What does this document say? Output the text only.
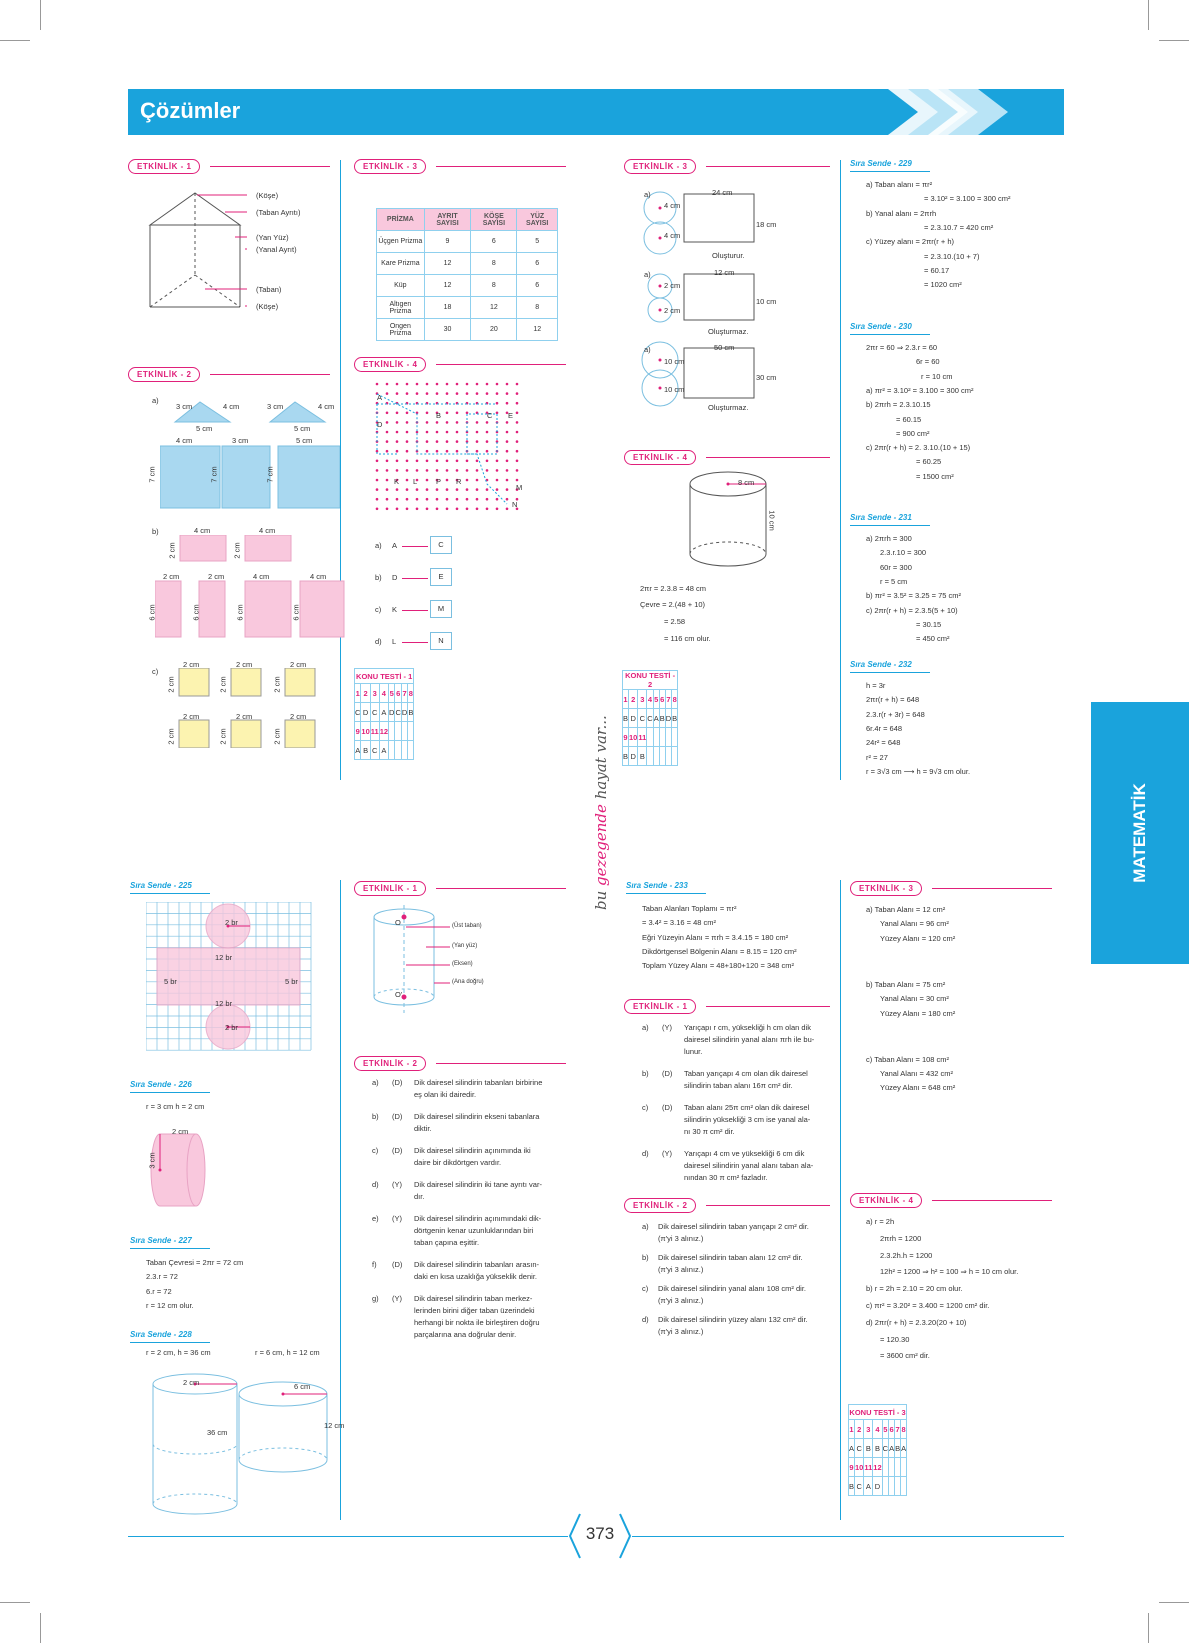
Çözümler
MATEMATİK
bu gezegende hayat var...
ETKİNLİK - 1
(Köşe)
(Taban Ayrıtı)
(Yan Yüz)
(Yanal Ayrıt)
(Taban)
(Köşe)
ETKİNLİK - 2
a)
3 cm	4 cm
5 cm
3 cm	4 cm
5 cm
4 cm	3 cm	5 cm
7 cm	7 cm	7 cm
b)	4 cm	4 cm
2 cm	2 cm
2 cm	2 cm	4 cm	4 cm
6 cm	6 cm	6 cm	6 cm
c)
2 cm	2 cm	2 cm
2 cm	2 cm	2 cm
2 cm	2 cm	2 cm
2 cm	2 cm	2 cm
ETKİNLİK - 3
PRİZMA	AYRIT SAYISI	KÖŞE SAYISI	YÜZ SAYISI
Üçgen Prizma	9	6	5
Kare Prizma	12	8	6
Küp	12	8	6
Altıgen Prizma	18	12	8
Ongen Prizma	30	20	12
ETKİNLİK - 4
A
B	C E
D
K L	P R
M
N
a) A	C
b) D	E
c) K	M
d) L	N
KONU TESTİ - 1							
1	2	3	4	5	6	7	8
C	D	C	A	D	C	D	B
9	10	11	12				
A	B	C	A				
ETKİNLİK - 3
a)
4 cm
4 cm
24 cm
18 cm
Oluşturur.
a)
2 cm
2 cm
12 cm
10 cm
Oluşturmaz.
a)
10 cm
10 cm
50 cm
30 cm
Oluşturmaz.
ETKİNLİK - 4
8 cm
10 cm
2πr = 2.3.8 = 48 cm
Çevre = 2.(48 + 10)
= 2.58
= 116 cm olur.
KONU TESTİ - 2							
1	2	3	4	5	6	7	8
B	D	C	C	A	B	D	B
9	10	11					
B	D	B					
Sıra Sende - 229
a) Taban alanı = πr²
= 3.10² = 3.100 = 300 cm²
b) Yanal alanı = 2πrh
= 2.3.10.7 = 420 cm²
c) Yüzey alanı = 2πr(r + h)
= 2.3.10.(10 + 7)
= 60.17
= 1020 cm²
Sıra Sende - 230
2πr = 60 ⇒ 2.3.r = 60
6r = 60
r = 10 cm
a) πr² = 3.10² = 3.100 = 300 cm²
b) 2πrh = 2.3.10.15
= 60.15
= 900 cm²
c) 2πr(r + h) = 2. 3.10.(10 + 15)
= 60.25
= 1500 cm²
Sıra Sende - 231
a) 2πrh = 300
2.3.r.10 = 300
60r = 300
r = 5 cm
b) πr² = 3.5² = 3.25 = 75 cm²
c) 2πr(r + h) = 2.3.5(5 + 10)
= 30.15
= 450 cm²
Sıra Sende - 232
h = 3r
2πr(r + h) = 648
2.3.r(r + 3r) = 648
6r.4r = 648
24r² = 648
r² = 27
r = 3√3 cm ⟶ h = 9√3 cm olur.
Sıra Sende - 225
2 br
12 br
5 br	5 br
12 br
2 br
Sıra Sende - 226
r = 3 cm h = 2 cm
2 cm
3 cm
Sıra Sende - 227
Taban Çevresi = 2πr = 72 cm
2.3.r = 72
6.r = 72
r = 12 cm olur.
Sıra Sende - 228
r = 2 cm, h = 36 cm	r = 6 cm, h = 12 cm
2 cm
36 cm
6 cm
12 cm
ETKİNLİK - 1
O	(Üst taban)
(Yan yüz)
(Eksen)
(Ana doğru)
O'
ETKİNLİK - 2
a) (D) Dik dairesel silindirin tabanları birbirine
eş olan iki dairedir.
b) (D) Dik dairesel silindirin ekseni tabanlara
diktir.
c) (D) Dik dairesel silindirin açınımında iki
daire bir dikdörtgen vardır.
d) (Y) Dik dairesel silindirin iki tane ayrıtı var-
dır.
e) (Y) Dik dairesel silindirin açınımındaki dik-
dörtgenin kenar uzunluklarından biri
taban çapına eşittir.
f) (D) Dik dairesel silindirin tabanları arasın-
daki en kısa uzaklığa yükseklik denir.
g) (Y) Dik dairesel silindirin taban merkez-
lerinden birini diğer taban üzerindeki
herhangi bir nokta ile birleştiren doğru
parçalarına ana doğrular denir.
Sıra Sende - 233
Taban Alanları Toplamı = πr²
= 3.4² = 3.16 = 48 cm²
Eğri Yüzeyin Alanı = πrh = 3.4.15 = 180 cm²
Dikdörtgensel Bölgenin Alanı = 8.15 = 120 cm²
Toplam Yüzey Alanı = 48+180+120 = 348 cm²
ETKİNLİK - 1
a) (Y) Yarıçapı r cm, yüksekliği h cm olan dik
dairesel silindirin yanal alanı πrh ile bu-
lunur.
b) (D) Taban yarıçapı 4 cm olan dik dairesel
silindirin taban alanı 16π cm² dir.
c) (D) Taban alanı 25π cm² olan dik dairesel
silindirin yüksekliği 3 cm ise yanal ala-
nı 30 π cm² dir.
d) (Y) Yarıçapı 4 cm ve yüksekliği 6 cm dik
dairesel silindirin yanal alanı taban ala-
nından 30 π cm² fazladır.
ETKİNLİK - 2
a) Dik dairesel silindirin taban yarıçapı 2 cm² dir.
(π'yi 3 alınız.)
b) Dik dairesel silindirin taban alanı 12 cm² dir.
(π'yi 3 alınız.)
c) Dik dairesel silindirin yanal alanı 108 cm² dir.
(π'yi 3 alınız.)
d) Dik dairesel silindirin yüzey alanı 132 cm² dir.
(π'yi 3 alınız.)
ETKİNLİK - 3
a) Taban Alanı = 12 cm²
Yanal Alanı = 96 cm²
Yüzey Alanı = 120 cm²
b) Taban Alanı = 75 cm²
Yanal Alanı = 30 cm²
Yüzey Alanı = 180 cm²
c) Taban Alanı = 108 cm²
Yanal Alanı = 432 cm²
Yüzey Alanı = 648 cm²
ETKİNLİK - 4
a) r = 2h
2πrh = 1200
2.3.2h.h = 1200
12h² = 1200 ⇒ h² = 100 ⇒ h = 10 cm olur.
b) r = 2h = 2.10 = 20 cm olur.
c) πr² = 3.20² = 3.400 = 1200 cm² dir.
d) 2πr(r + h) = 2.3.20(20 + 10)
= 120.30
= 3600 cm² dir.
KONU TESTİ - 3							
1	2	3	4	5	6	7	8
A	C	B	B	C	A	B	A
9	10	11	12				
B	C	A	D				
373
